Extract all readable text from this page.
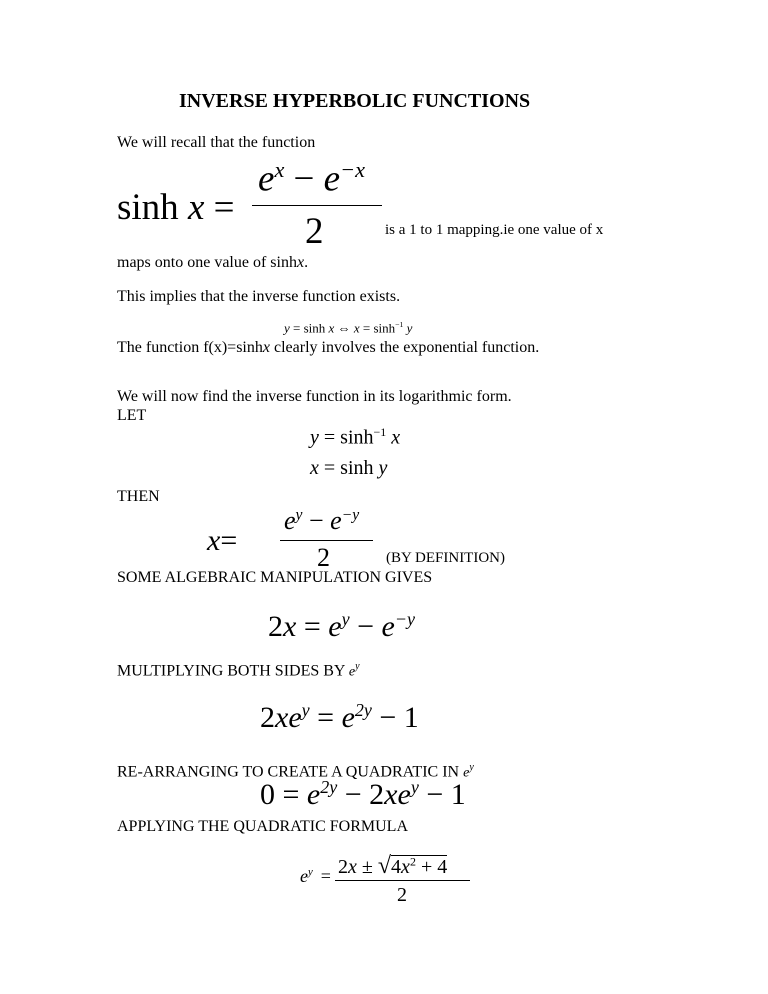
INVERSE HYPERBOLIC FUNCTIONS
We will recall that the function
sinh x =
$e^x - e^{-x}$
2	is a 1 to 1 mapping.ie one value of x
maps onto one value of sinhx.
This implies that the inverse function exists.
y = sinh x ⇔ $x = \sinh^{-1} y$
The function f(x)=sinhx clearly involves the exponential function.
We will now find the inverse function in its logarithmic form.
LET
$y = \sinh^{-1} x$
x = sinh y
THEN
x=
$e^y - e^{-y}$
2	(BY DEFINITION)
SOME ALGEBRAIC MANIPULATION GIVES
$2x = e^y - e^{-y}$
MULTIPLYING BOTH SIDES BY $e^y$
$2xe^y = e^{2y} - 1$
RE-ARRANGING TO CREATE A QUADRATIC IN $e^y$
$0 = e^{2y} - 2xe^y - 1$
APPLYING THE QUADRATIC FORMULA
$e^y = 2x \pm √4x^2 + 4$
2
